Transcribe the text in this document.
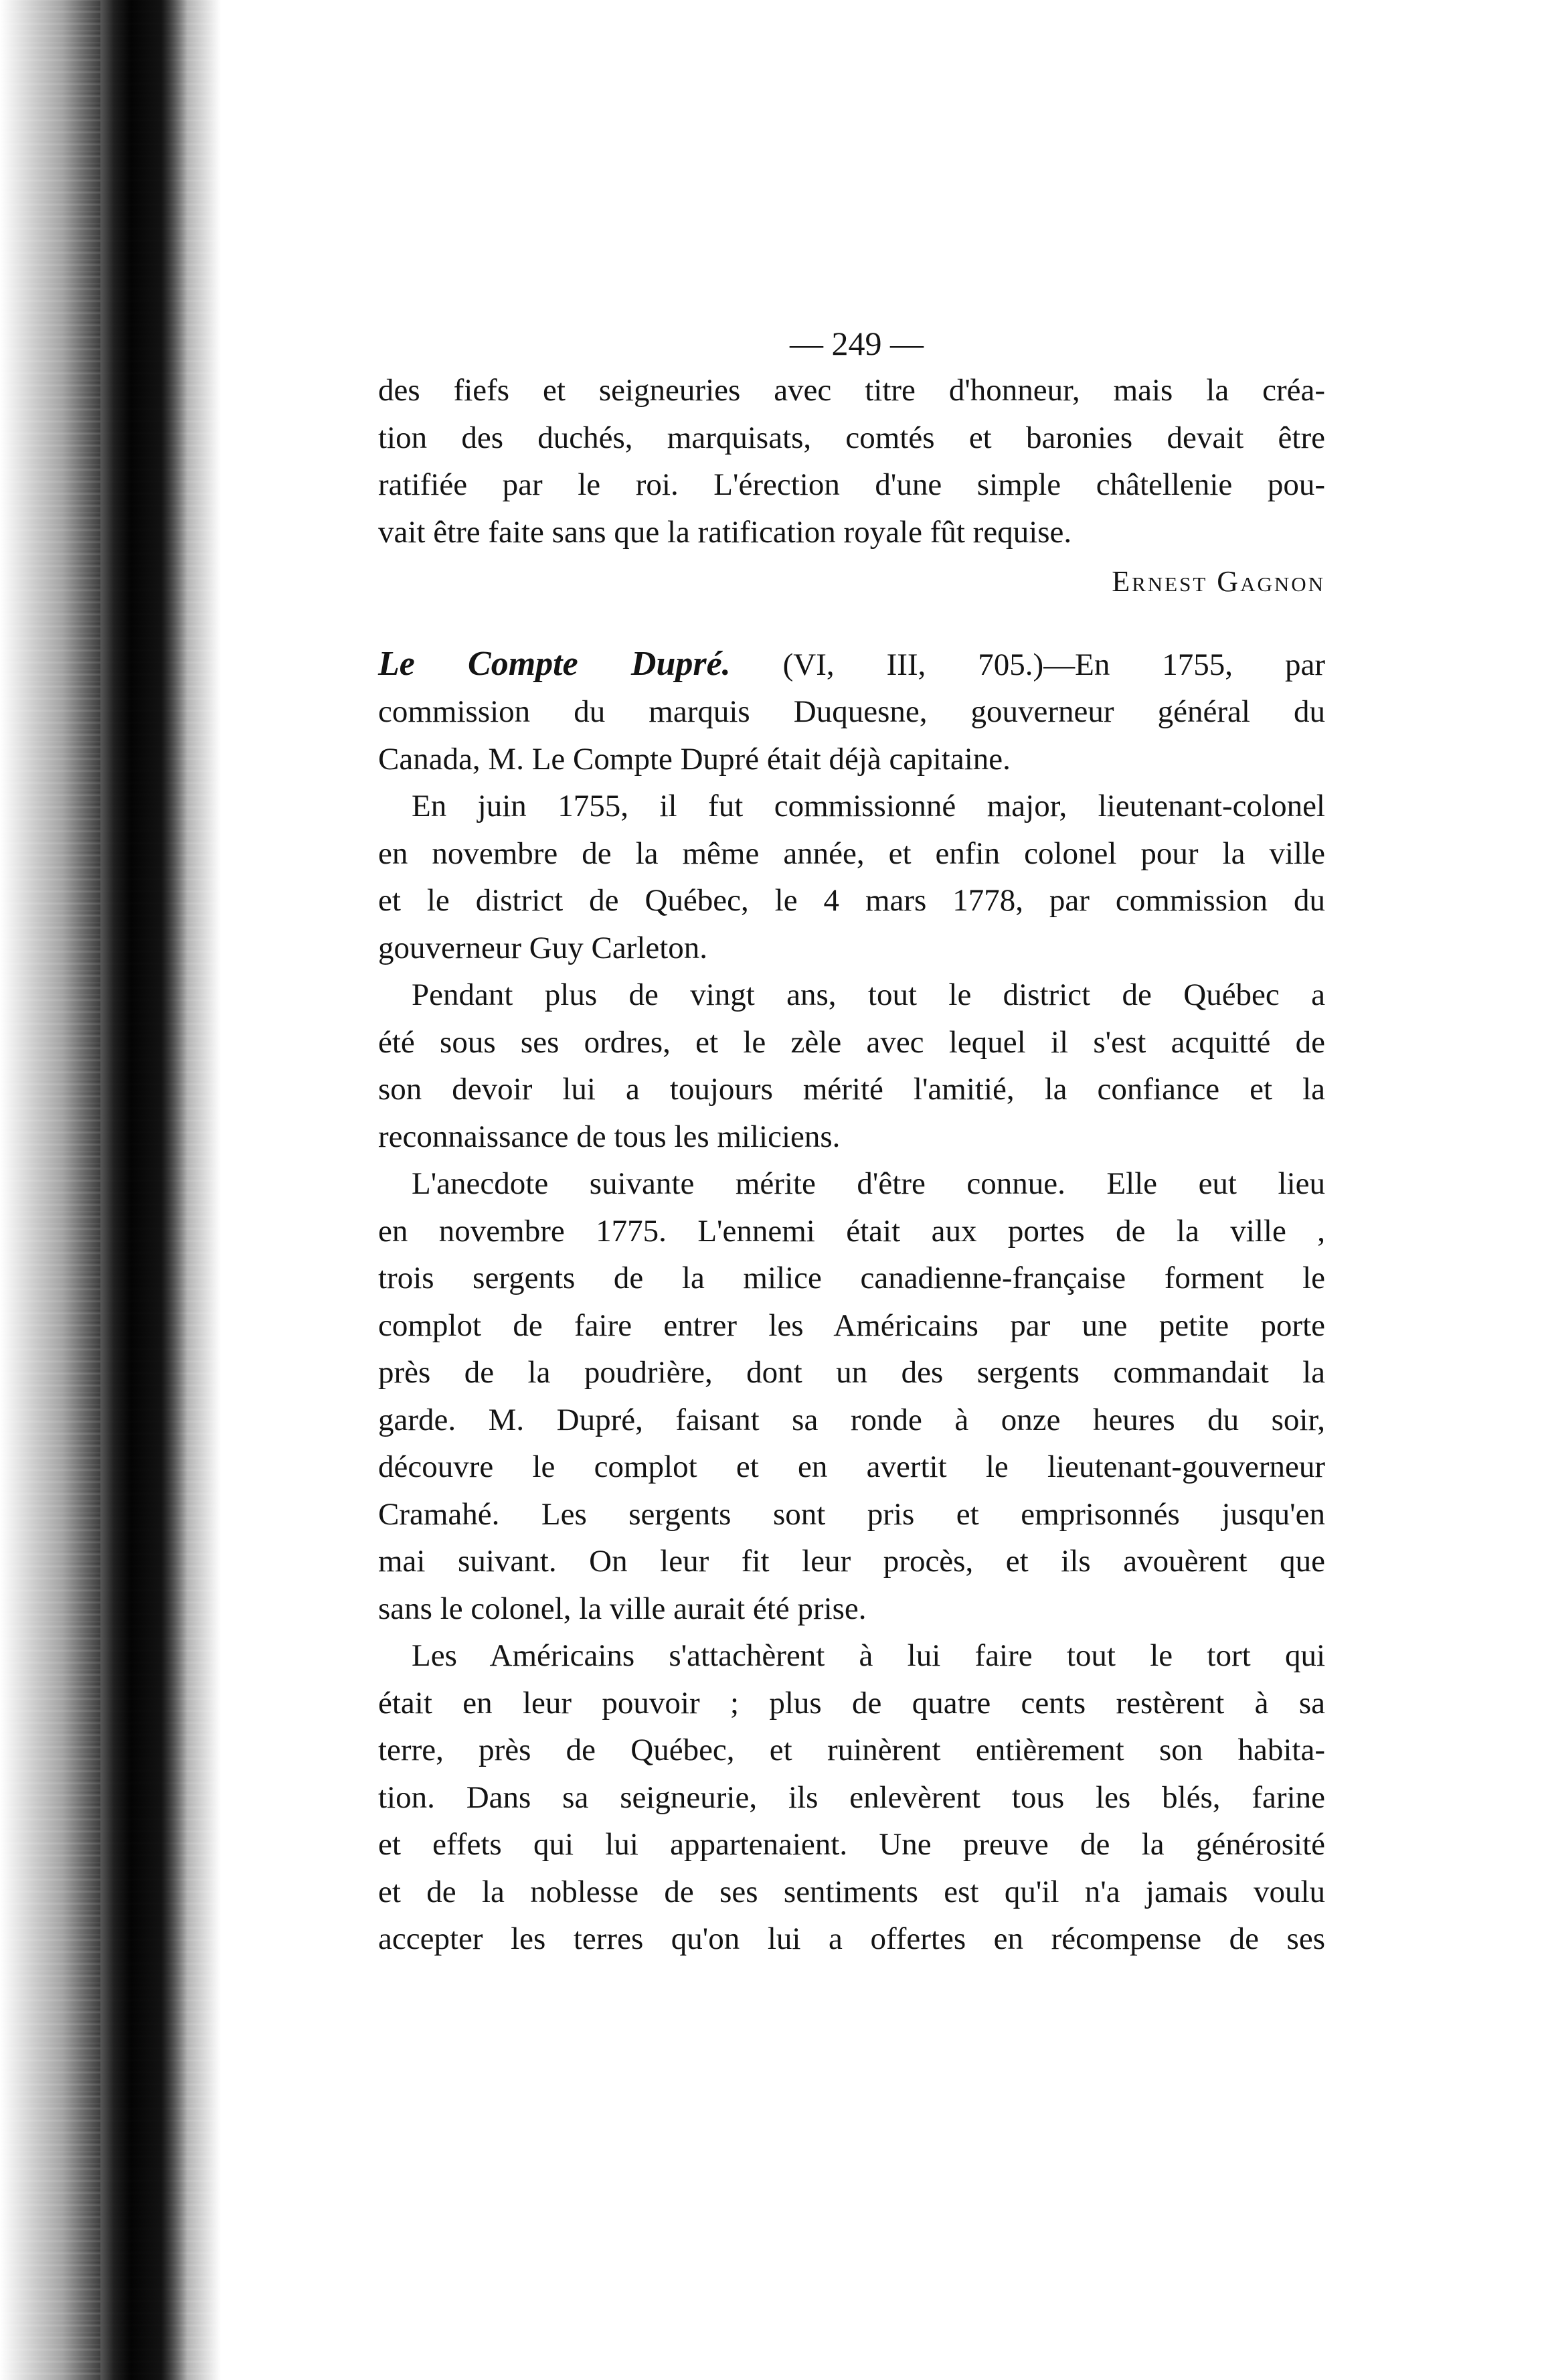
— 249 —
des fiefs et seigneuries avec titre d'honneur, mais la créa-
tion des duchés, marquisats, comtés et baronies devait être
ratifiée par le roi. L'érection d'une simple châtellenie pou-
vait être faite sans que la ratification royale fût requise.
Ernest Gagnon
Le Compte Dupré. (VI, III, 705.)—En 1755, par
commission du marquis Duquesne, gouverneur général du
Canada, M. Le Compte Dupré était déjà capitaine.
En juin 1755, il fut commissionné major, lieutenant-colonel
en novembre de la même année, et enfin colonel pour la ville
et le district de Québec, le 4 mars 1778, par commission du
gouverneur Guy Carleton.
Pendant plus de vingt ans, tout le district de Québec a
été sous ses ordres, et le zèle avec lequel il s'est acquitté de
son devoir lui a toujours mérité l'amitié, la confiance et la
reconnaissance de tous les miliciens.
L'anecdote suivante mérite d'être connue. Elle eut lieu
en novembre 1775. L'ennemi était aux portes de la ville ,
trois sergents de la milice canadienne-française forment le
complot de faire entrer les Américains par une petite porte
près de la poudrière, dont un des sergents commandait la
garde. M. Dupré, faisant sa ronde à onze heures du soir,
découvre le complot et en avertit le lieutenant-gouverneur
Cramahé. Les sergents sont pris et emprisonnés jusqu'en
mai suivant. On leur fit leur procès, et ils avouèrent que
sans le colonel, la ville aurait été prise.
Les Américains s'attachèrent à lui faire tout le tort qui
était en leur pouvoir ; plus de quatre cents restèrent à sa
terre, près de Québec, et ruinèrent entièrement son habita-
tion. Dans sa seigneurie, ils enlevèrent tous les blés, farine
et effets qui lui appartenaient. Une preuve de la générosité
et de la noblesse de ses sentiments est qu'il n'a jamais voulu
accepter les terres qu'on lui a offertes en récompense de ses
